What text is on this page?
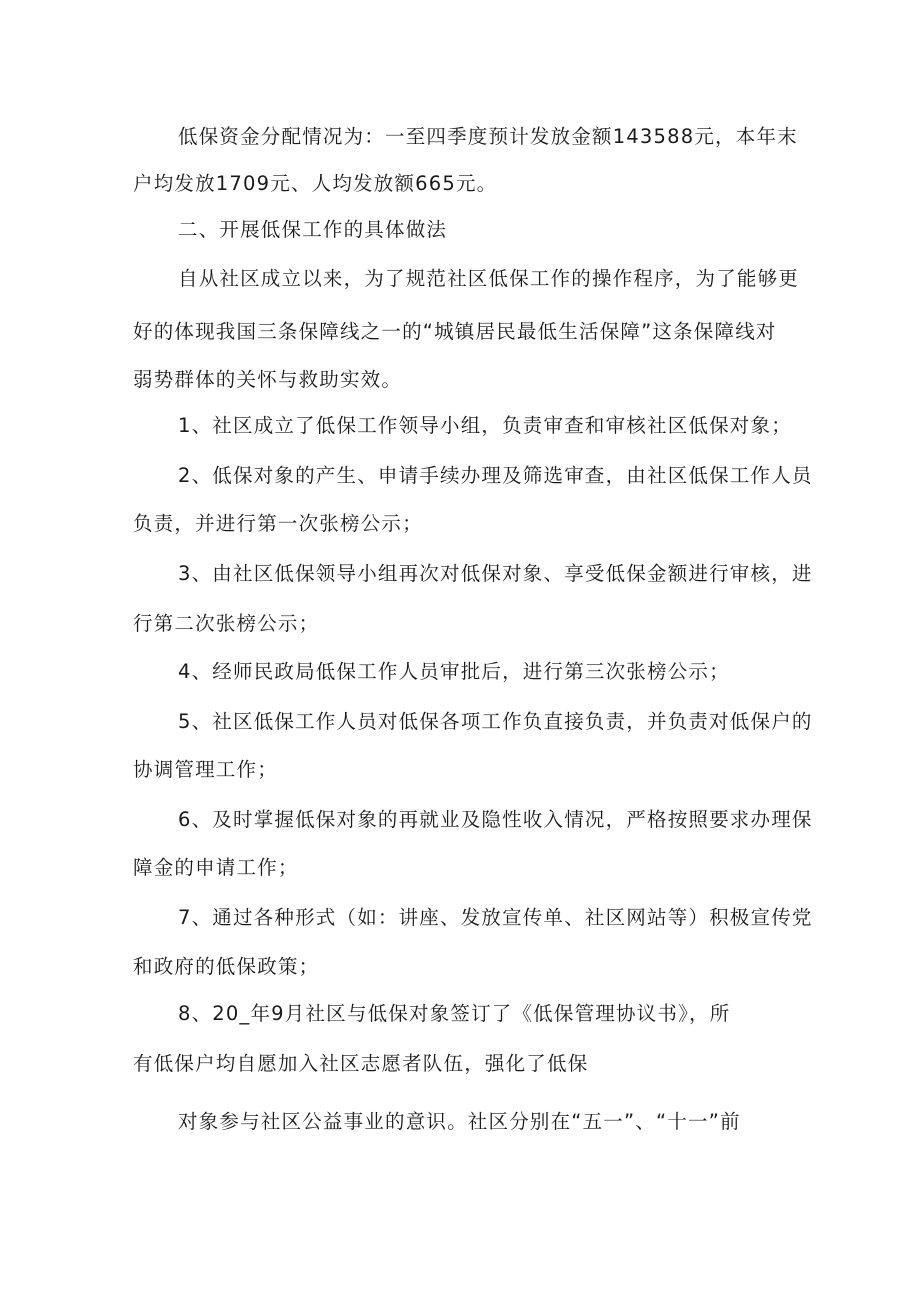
低保资金分配情况为：一至四季度预计发放金额143588元，本年末

户均发放1709元、人均发放额665元。

二、开展低保工作的具体做法

自从社区成立以来，为了规范社区低保工作的操作程序，为了能够更

好的体现我国三条保障线之一的“城镇居民最低生活保障”这条保障线对

弱势群体的关怀与救助实效。

1、社区成立了低保工作领导小组，负责审查和审核社区低保对象；

2、低保对象的产生、申请手续办理及筛选审查，由社区低保工作人员

负责，并进行第一次张榜公示；

3、由社区低保领导小组再次对低保对象、享受低保金额进行审核，进

行第二次张榜公示；

4、经师民政局低保工作人员审批后，进行第三次张榜公示；

5、社区低保工作人员对低保各项工作负直接负责，并负责对低保户的

协调管理工作；

6、及时掌握低保对象的再就业及隐性收入情况，严格按照要求办理保

障金的申请工作；

7、通过各种形式（如：讲座、发放宣传单、社区网站等）积极宣传党

和政府的低保政策；

8、20_年9月社区与低保对象签订了《低保管理协议书》，所

有低保户均自愿加入社区志愿者队伍，强化了低保

对象参与社区公益事业的意识。社区分别在“五一”、“十一”前
